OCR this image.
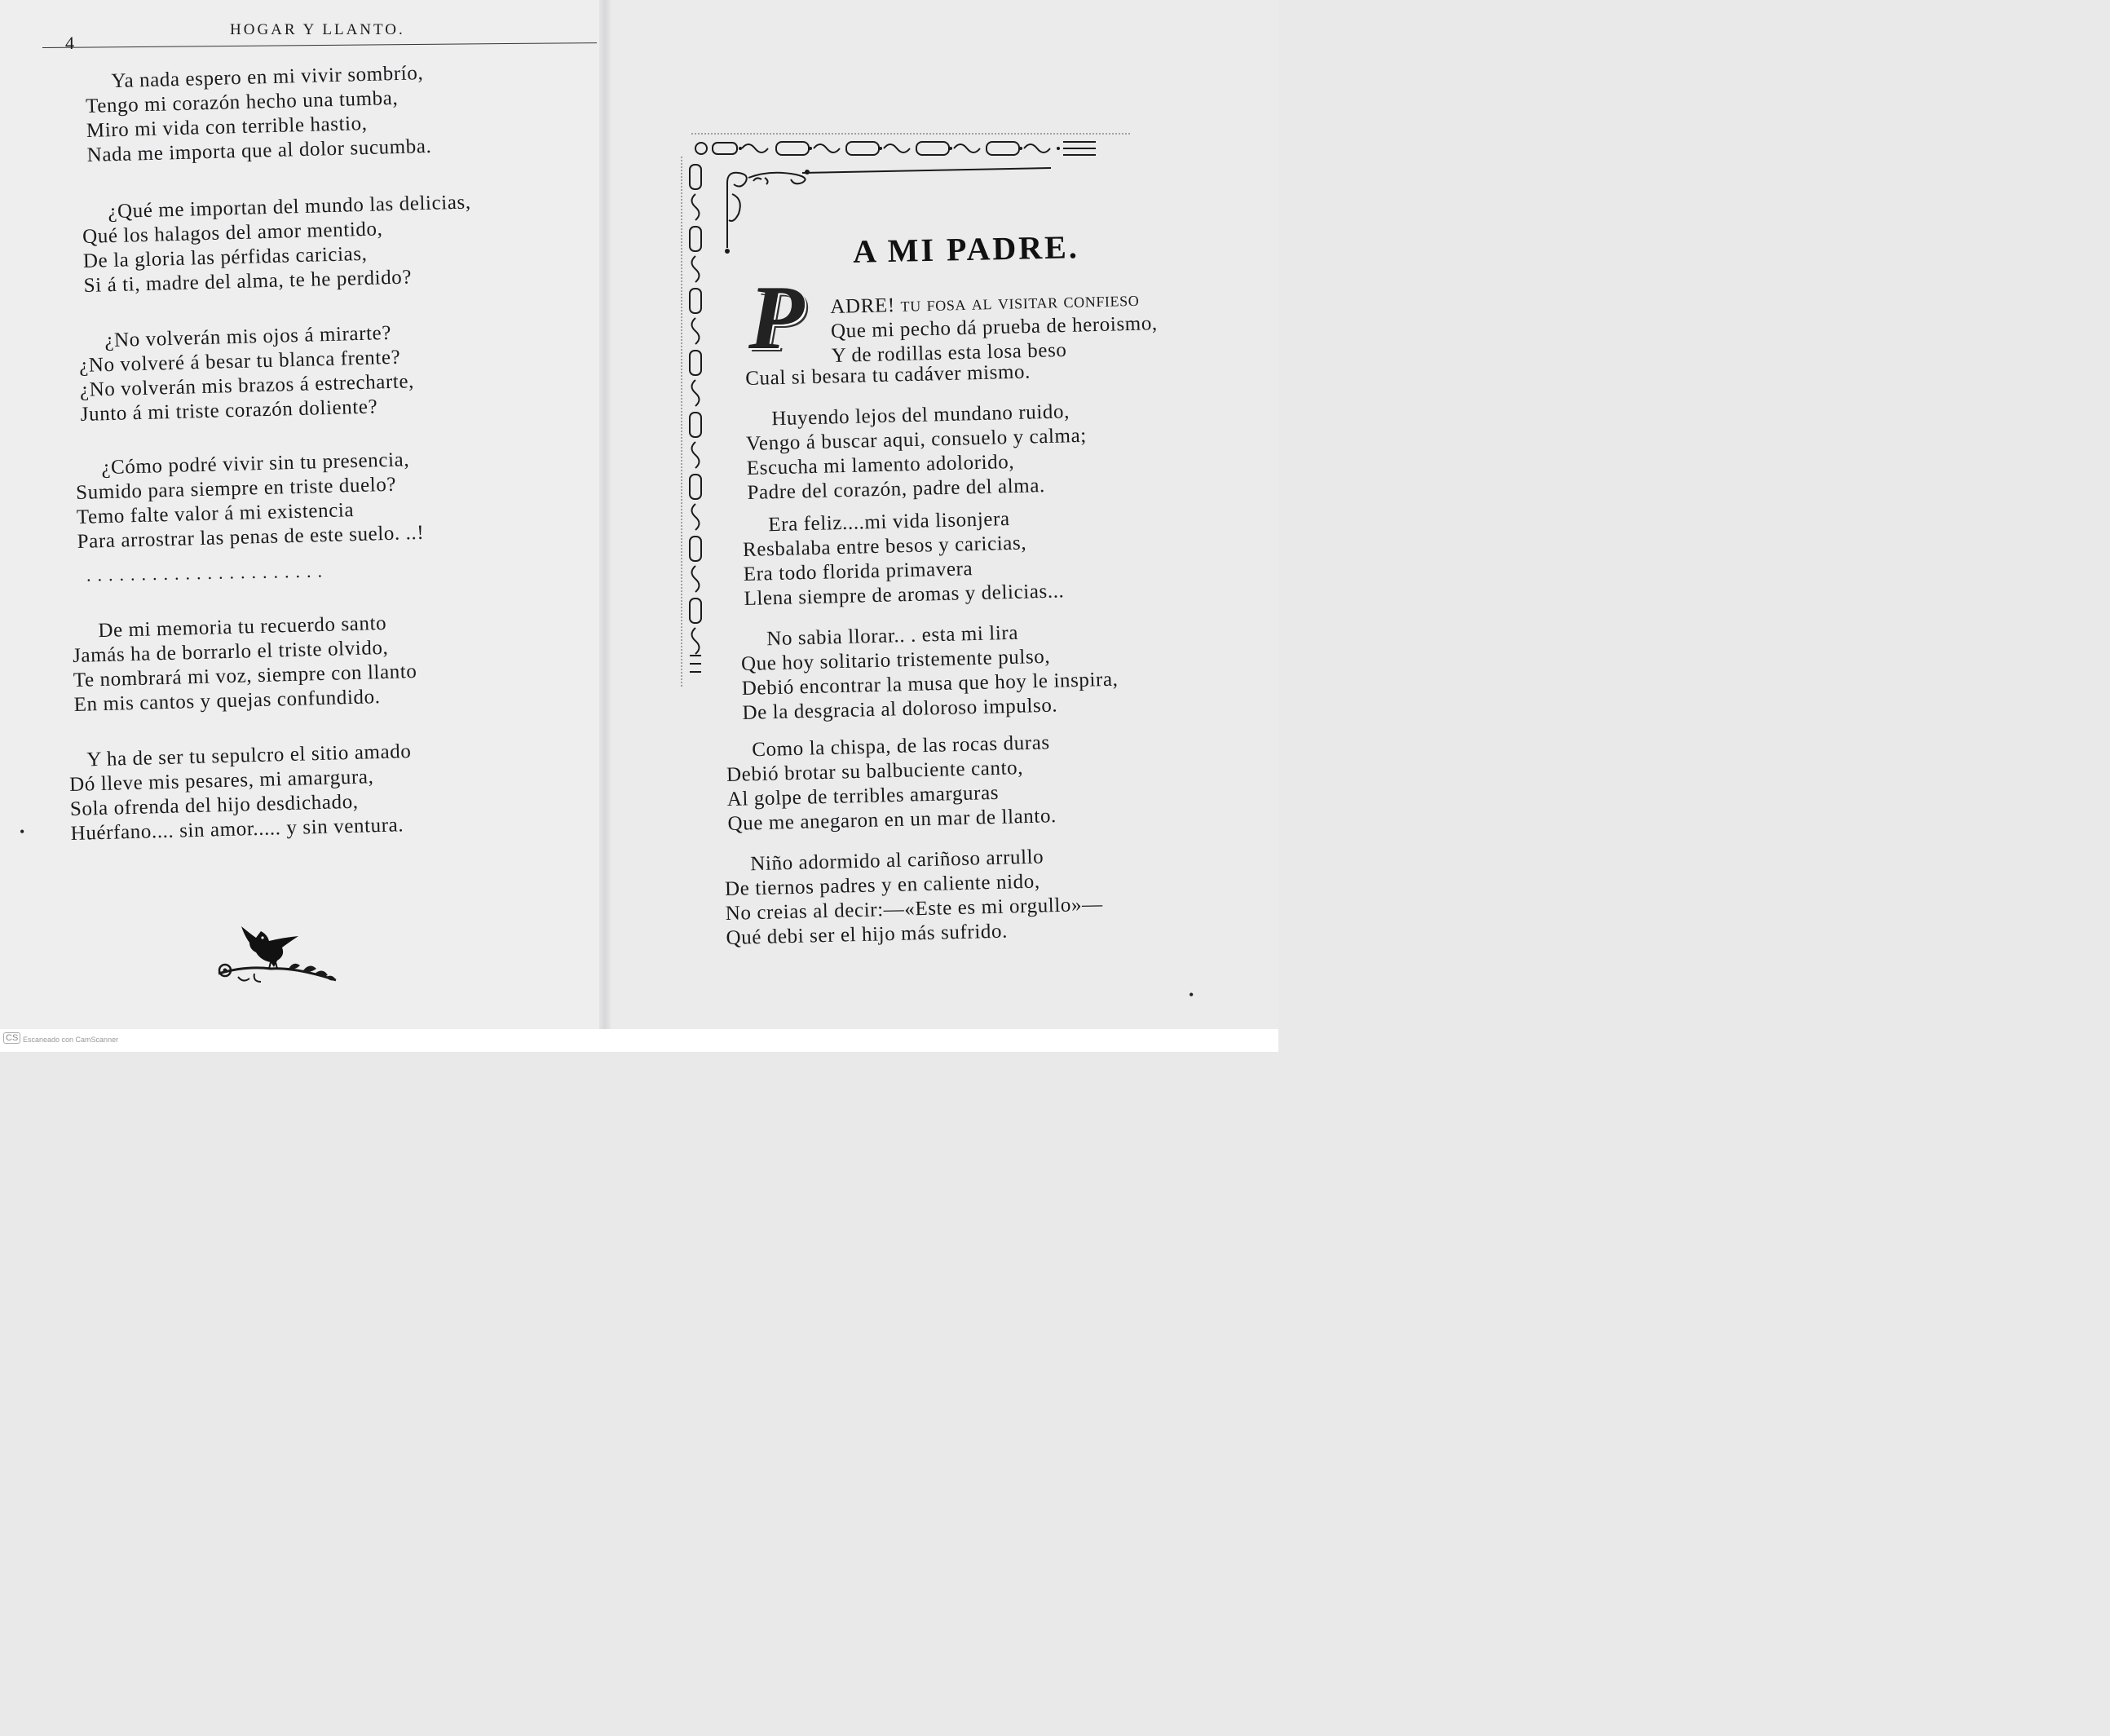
4
HOGAR Y LLANTO.
Ya nada espero en mi vivir sombrío,
Tengo mi corazón hecho una tumba,
Miro mi vida con terrible hastio,
Nada me importa que al dolor sucumba.
¿Qué me importan del mundo las delicias,
Qué los halagos del amor mentido,
De la gloria las pérfidas caricias,
Si á ti, madre del alma, te he perdido?
¿No volverán mis ojos á mirarte?
¿No volveré á besar tu blanca frente?
¿No volverán mis brazos á estrecharte,
Junto á mi triste corazón doliente?
¿Cómo podré vivir sin tu presencia,
Sumido para siempre en triste duelo?
Temo falte valor á mi existencia
Para arrostrar las penas de este suelo. ..!
......................
De mi memoria tu recuerdo santo
Jamás ha de borrarlo el triste olvido,
Te nombrará mi voz, siempre con llanto
En mis cantos y quejas confundido.
Y ha de ser tu sepulcro el sitio amado
Dó lleve mis pesares, mi amargura,
Sola ofrenda del hijo desdichado,
Huérfano.... sin amor..... y sin ventura.
A MI PADRE.
P ADRE! tu fosa al visitar confieso
Que mi pecho dá prueba de heroismo,
Y de rodillas esta losa beso
Cual si besara tu cadáver mismo.
Huyendo lejos del mundano ruido,
Vengo á buscar aqui, consuelo y calma;
Escucha mi lamento adolorido,
Padre del corazón, padre del alma.
Era feliz....mi vida lisonjera
Resbalaba entre besos y caricias,
Era todo florida primavera
Llena siempre de aromas y delicias...
No sabia llorar.. . esta mi lira
Que hoy solitario tristemente pulso,
Debió encontrar la musa que hoy le inspira,
De la desgracia al doloroso impulso.
Como la chispa, de las rocas duras
Debió brotar su balbuciente canto,
Al golpe de terribles amarguras
Que me anegaron en un mar de llanto.
Niño adormido al cariñoso arrullo
De tiernos padres y en caliente nido,
No creias al decir:—«Este es mi orgullo»—
Qué debi ser el hijo más sufrido.
•
•
CS Escaneado con CamScanner
